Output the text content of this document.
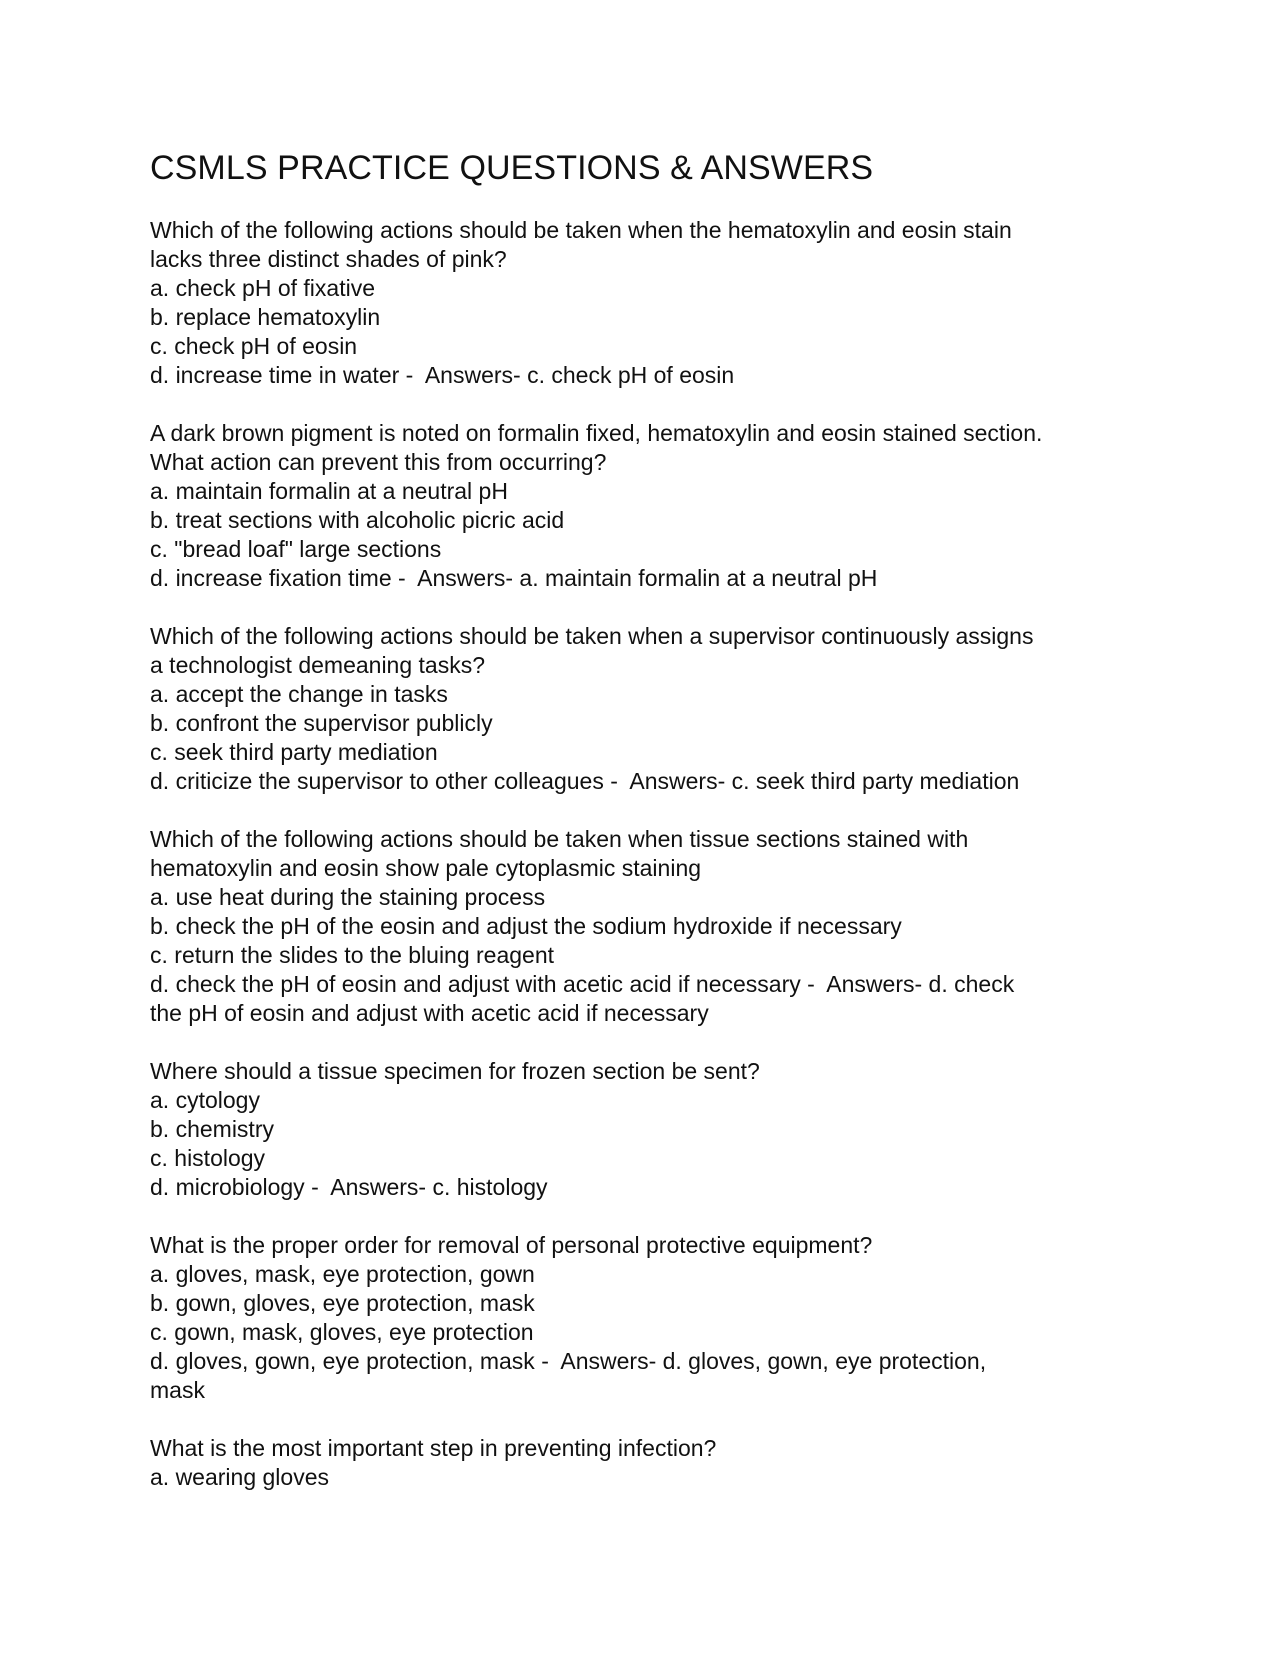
CSMLS PRACTICE QUESTIONS & ANSWERS

Which of the following actions should be taken when the hematoxylin and eosin stain

lacks three distinct shades of pink?

a. check pH of fixative

b. replace hematoxylin

c. check pH of eosin

d. increase time in water -  Answers- c. check pH of eosin

A dark brown pigment is noted on formalin fixed, hematoxylin and eosin stained section.

What action can prevent this from occurring?

a. maintain formalin at a neutral pH

b. treat sections with alcoholic picric acid

c. "bread loaf" large sections

d. increase fixation time -  Answers- a. maintain formalin at a neutral pH

Which of the following actions should be taken when a supervisor continuously assigns

a technologist demeaning tasks?

a. accept the change in tasks

b. confront the supervisor publicly

c. seek third party mediation

d. criticize the supervisor to other colleagues -  Answers- c. seek third party mediation

Which of the following actions should be taken when tissue sections stained with

hematoxylin and eosin show pale cytoplasmic staining

a. use heat during the staining process

b. check the pH of the eosin and adjust the sodium hydroxide if necessary

c. return the slides to the bluing reagent

d. check the pH of eosin and adjust with acetic acid if necessary -  Answers- d. check

the pH of eosin and adjust with acetic acid if necessary

Where should a tissue specimen for frozen section be sent?

a. cytology

b. chemistry

c. histology

d. microbiology -  Answers- c. histology

What is the proper order for removal of personal protective equipment?

a. gloves, mask, eye protection, gown

b. gown, gloves, eye protection, mask

c. gown, mask, gloves, eye protection

d. gloves, gown, eye protection, mask -  Answers- d. gloves, gown, eye protection,

mask

What is the most important step in preventing infection?

a. wearing gloves
